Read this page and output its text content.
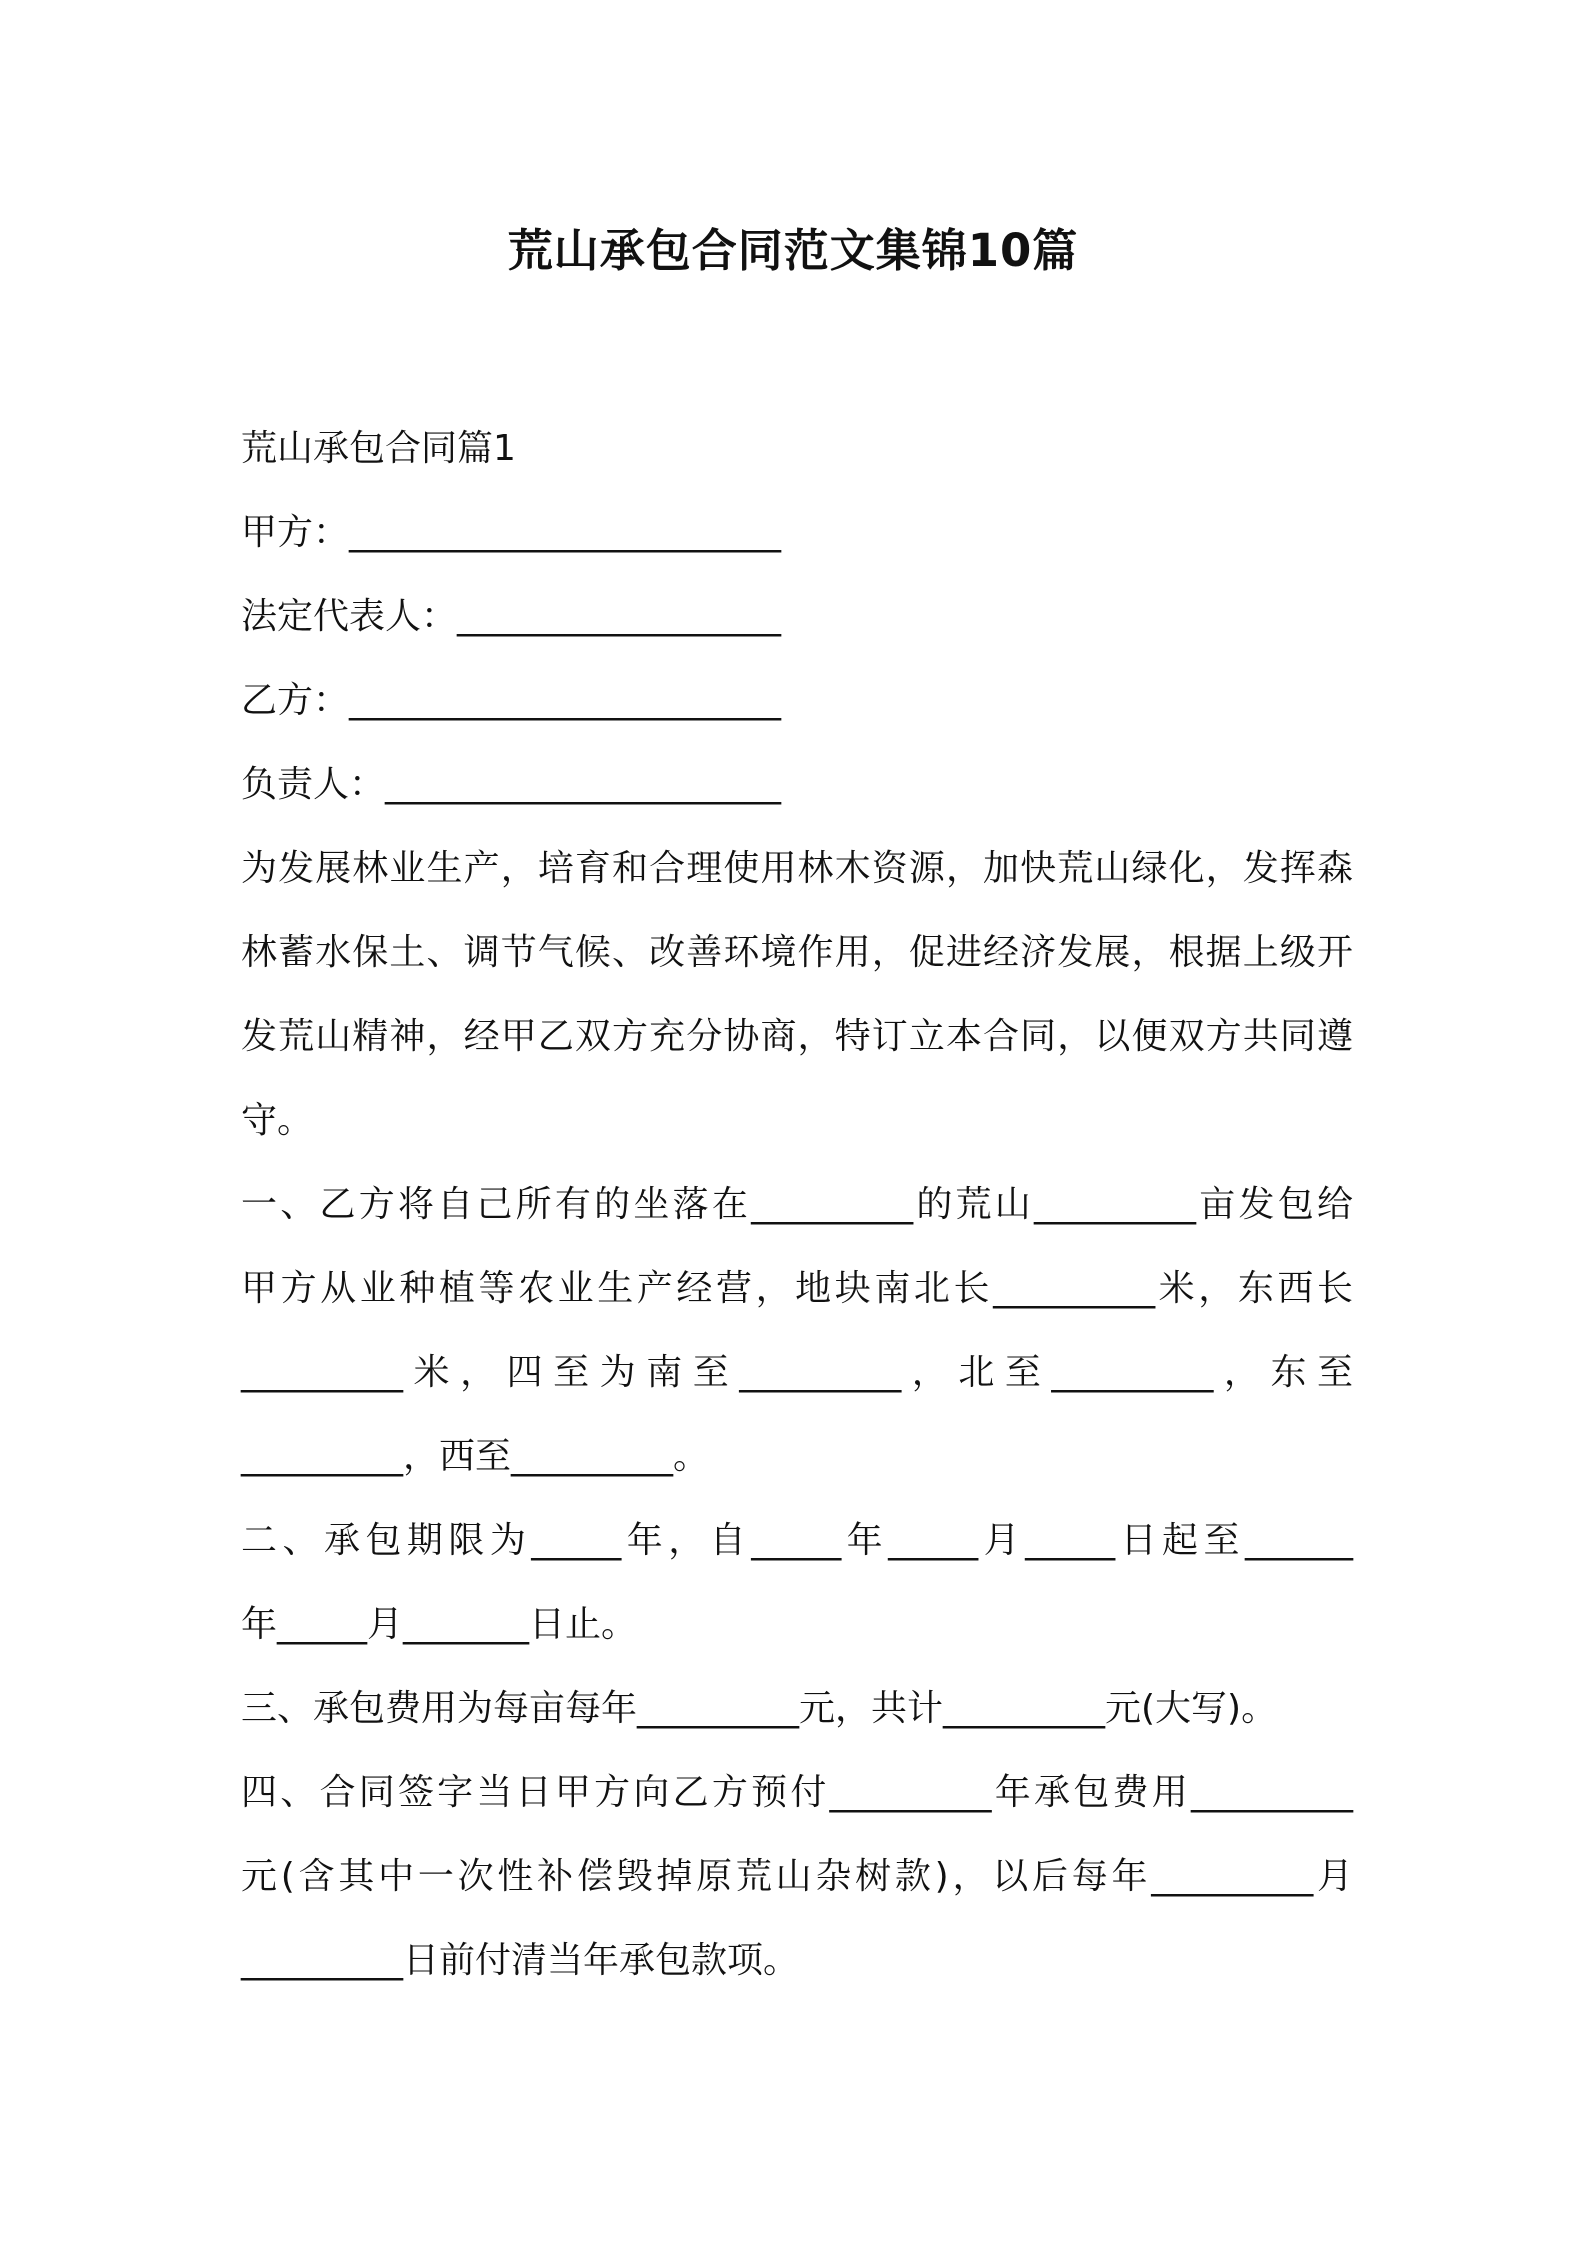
荒山承包合同范文集锦10篇

荒山承包合同篇1

甲方：________________________

法定代表人：__________________

乙方：________________________

负责人：______________________

为发展林业生产，培育和合理使用林木资源，加快荒山绿化，发挥森

林蓄水保土、调节气候、改善环境作用，促进经济发展，根据上级开

发荒山精神，经甲乙双方充分协商，特订立本合同，以便双方共同遵

守。

一、乙方将自己所有的坐落在_________的荒山_________亩发包给

甲方从业种植等农业生产经营，地块南北长_________米，东西长

_________米，四至为南至_________，北至_________，东至

_________，西至_________。

二、承包期限为_____年，自_____年_____月_____日起至______

年_____月_______日止。

三、承包费用为每亩每年_________元，共计_________元(大写)。

四、合同签字当日甲方向乙方预付_________年承包费用_________

元(含其中一次性补偿毁掉原荒山杂树款)，以后每年_________月

_________日前付清当年承包款项。
